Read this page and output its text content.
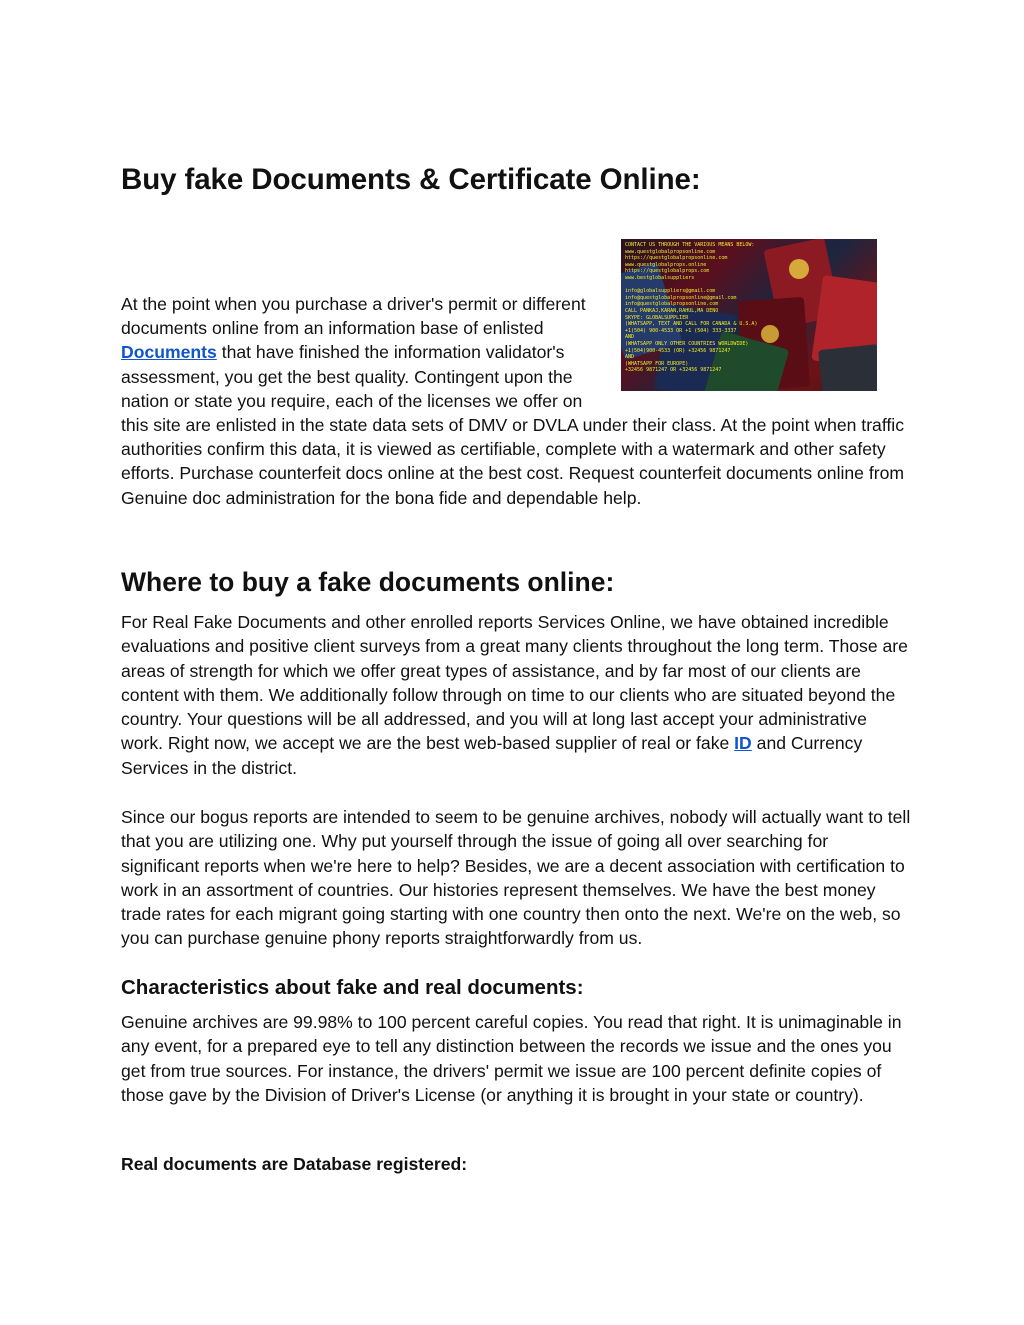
Buy fake Documents & Certificate Online:

CONTACT US THROUGH THE VARIOUS MEANS BELOW:
www.questglobalpropsonline.com
https://questglobalpropsonline.com
www.questglobalprops.online
https://questglobalprops.com
www.bestglobalsuppliers

info@globalsuppliers@gmail.com
info@questglobalpropsonline@gmail.com
info@questglobalpropsonline.com
CALL PANKAJ,KARAN,RAHUL,MA DENO
SKYPE: GLOBALSUPPLIER
(WHATSAPP, TEXT AND CALL FOR CANADA & U.S.A)
+1(504) 900-4533 OR +1 (504) 333-3337
AND
(WHATSAPP ONLY OTHER COUNTRIES WORLDWIDE)
+1(504)900-4533 (OR) +32456 9871247
AND
(WHATSAPP FOR EUROPE)
+32456 9871247 OR +32456 9871247
At the point when you purchase a driver's permit or different documents online from an information base of enlisted Documents that have finished the information validator's assessment, you get the best quality. Contingent upon the nation or state you require, each of the licenses we offer on this site are enlisted in the state data sets of DMV or DVLA under their class. At the point when traffic authorities confirm this data, it is viewed as certifiable, complete with a watermark and other safety efforts. Purchase counterfeit docs online at the best cost. Request counterfeit documents online from Genuine doc administration for the bona fide and dependable help.

Where to buy a fake documents online:

For Real Fake Documents and other enrolled reports Services Online, we have obtained incredible evaluations and positive client surveys from a great many clients throughout the long term. Those are areas of strength for which we offer great types of assistance, and by far most of our clients are content with them. We additionally follow through on time to our clients who are situated beyond the country. Your questions will be all addressed, and you will at long last accept your administrative work. Right now, we accept we are the best web-based supplier of real or fake ID and Currency Services in the district.

Since our bogus reports are intended to seem to be genuine archives, nobody will actually want to tell that you are utilizing one. Why put yourself through the issue of going all over searching for significant reports when we're here to help? Besides, we are a decent association with certification to work in an assortment of countries. Our histories represent themselves. We have the best money trade rates for each migrant going starting with one country then onto the next. We're on the web, so you can purchase genuine phony reports straightforwardly from us.

Characteristics about fake and real documents:

Genuine archives are 99.98% to 100 percent careful copies. You read that right. It is unimaginable in any event, for a prepared eye to tell any distinction between the records we issue and the ones you get from true sources. For instance, the drivers' permit we issue are 100 percent definite copies of those gave by the Division of Driver's License (or anything it is brought in your state or country).

Real documents are Database registered:
